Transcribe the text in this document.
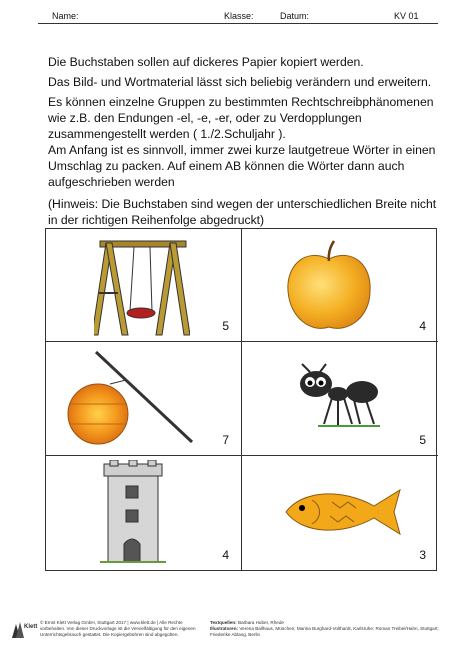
Name:	Klasse:	Datum:	KV 01

Die Buchstaben sollen auf dickeres Papier kopiert werden.

Das Bild- und Wortmaterial lässt sich beliebig verändern und erweitern.

Es können einzelne Gruppen zu bestimmten Rechtschreibphänomenen wie z.B. den Endungen -el, -e, -er, oder zu Verdopplungen zusammengestellt werden ( 1./2.Schuljahr ).

Am Anfang ist es sinnvoll, immer zwei kurze lautgetreue Wörter in einen Umschlag zu packen. Auf einem AB können die Wörter dann auch aufgeschrieben werden

(Hinweis: Die Buchstaben sind wegen der unterschiedlichen Breite nicht in der richtigen Reihenfolge abgedruckt)

5	4
7	5
4	3
Klett
© Ernst Klett Verlag GmbH, Stuttgart 2017 | www.klett.de | Alle Rechte vorbehalten. Von dieser Druckvorlage ist die Vervielfältigung für den eigenen Unterrichtsgebrauch gestattet. Die Kopiergebühren sind abgegolten.
Textquellen: Barbara Huber, Rhede
Illustratoren: Verena Ballhaus, München; Marina Burghard-Volthardt, Karlsruhe; Roman Treibel/Hahn, Stuttgart; Friederike Ablang, Berlin
